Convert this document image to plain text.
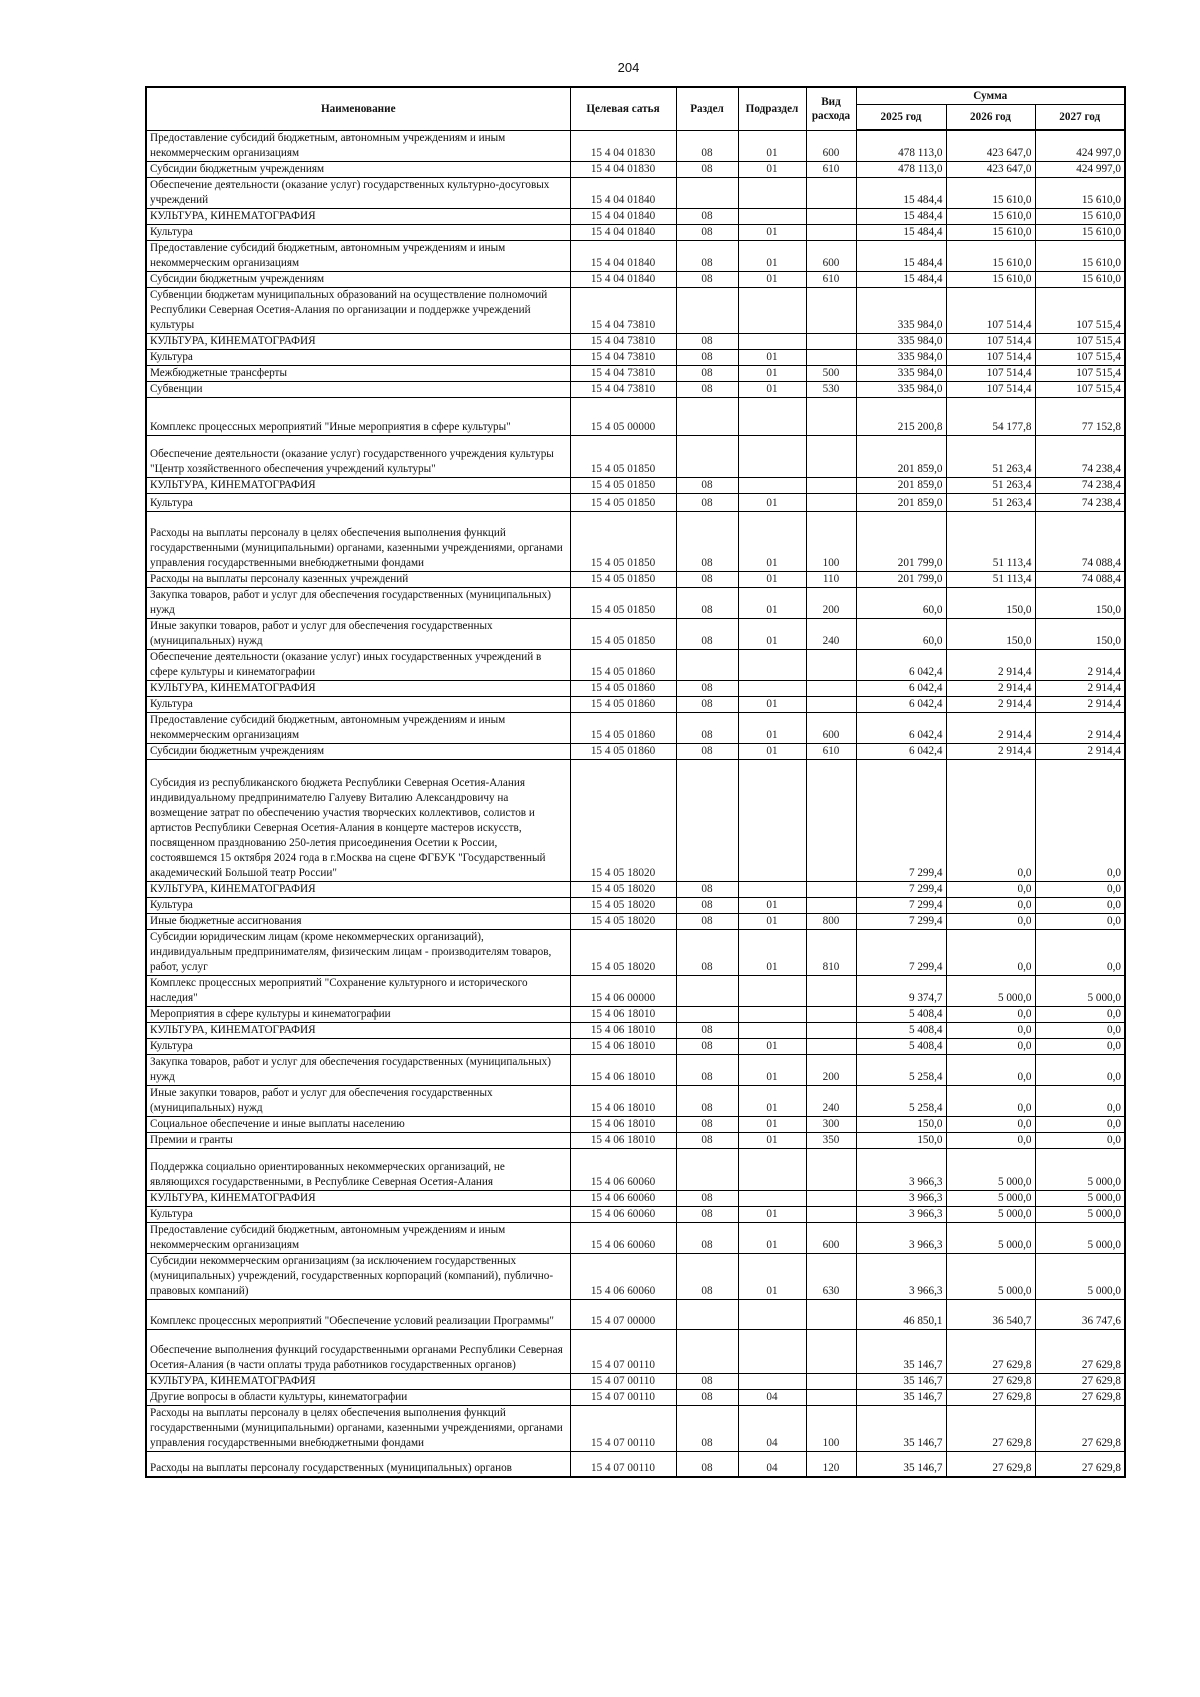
204
Наименование	Целевая сатья	Раздел	Подраздел	Вид расхода	Сумма		
					2025 год	2026 год	2027 год
Предоставление субсидий бюджетным, автономным учреждениям и иным некоммерческим организациям	15 4 04 01830	08	01	600	478 113,0	423 647,0	424 997,0
Субсидии бюджетным учреждениям	15 4 04 01830	08	01	610	478 113,0	423 647,0	424 997,0
Обеспечение деятельности (оказание услуг) государственных культурно-досуговых учреждений	15 4 04 01840				15 484,4	15 610,0	15 610,0
КУЛЬТУРА, КИНЕМАТОГРАФИЯ	15 4 04 01840	08			15 484,4	15 610,0	15 610,0
Культура	15 4 04 01840	08	01		15 484,4	15 610,0	15 610,0
Предоставление субсидий бюджетным, автономным учреждениям и иным некоммерческим организациям	15 4 04 01840	08	01	600	15 484,4	15 610,0	15 610,0
Субсидии бюджетным учреждениям	15 4 04 01840	08	01	610	15 484,4	15 610,0	15 610,0
Субвенции бюджетам муниципальных образований на осуществление полномочий Республики Северная Осетия-Алания по организации и поддержке учреждений культуры	15 4 04 73810				335 984,0	107 514,4	107 515,4
КУЛЬТУРА, КИНЕМАТОГРАФИЯ	15 4 04 73810	08			335 984,0	107 514,4	107 515,4
Культура	15 4 04 73810	08	01		335 984,0	107 514,4	107 515,4
Межбюджетные трансферты	15 4 04 73810	08	01	500	335 984,0	107 514,4	107 515,4
Субвенции	15 4 04 73810	08	01	530	335 984,0	107 514,4	107 515,4
Комплекс процессных мероприятий "Иные мероприятия в сфере культуры"	15 4 05 00000				215 200,8	54 177,8	77 152,8
Обеспечение деятельности (оказание услуг) государственного учреждения культуры "Центр хозяйственного обеспечения учреждений культуры"	15 4 05 01850				201 859,0	51 263,4	74 238,4
КУЛЬТУРА, КИНЕМАТОГРАФИЯ	15 4 05 01850	08			201 859,0	51 263,4	74 238,4
Культура	15 4 05 01850	08	01		201 859,0	51 263,4	74 238,4
Расходы на выплаты персоналу в целях обеспечения выполнения функций государственными (муниципальными) органами, казенными учреждениями, органами управления государственными внебюджетными фондами	15 4 05 01850	08	01	100	201 799,0	51 113,4	74 088,4
Расходы на выплаты персоналу казенных учреждений	15 4 05 01850	08	01	110	201 799,0	51 113,4	74 088,4
Закупка товаров, работ и услуг для обеспечения государственных (муниципальных) нужд	15 4 05 01850	08	01	200	60,0	150,0	150,0
Иные закупки товаров, работ и услуг для обеспечения государственных (муниципальных) нужд	15 4 05 01850	08	01	240	60,0	150,0	150,0
Обеспечение деятельности (оказание услуг) иных государственных учреждений в сфере культуры и кинематографии	15 4 05 01860				6 042,4	2 914,4	2 914,4
КУЛЬТУРА, КИНЕМАТОГРАФИЯ	15 4 05 01860	08			6 042,4	2 914,4	2 914,4
Культура	15 4 05 01860	08	01		6 042,4	2 914,4	2 914,4
Предоставление субсидий бюджетным, автономным учреждениям и иным некоммерческим организациям	15 4 05 01860	08	01	600	6 042,4	2 914,4	2 914,4
Субсидии бюджетным учреждениям	15 4 05 01860	08	01	610	6 042,4	2 914,4	2 914,4
Субсидия из республиканского бюджета Республики Северная Осетия-Алания индивидуальному предпринимателю Галуеву Виталию Александровичу на возмещение затрат по обеспечению участия творческих коллективов, солистов и артистов Республики Северная Осетия-Алания в концерте мастеров искусств, посвященном празднованию 250-летия присоединения Осетии к России, состоявшемся 15 октября 2024 года в г.Москва на сцене ФГБУК "Государственный академический Большой театр России"	15 4 05 18020				7 299,4	0,0	0,0
КУЛЬТУРА, КИНЕМАТОГРАФИЯ	15 4 05 18020	08			7 299,4	0,0	0,0
Культура	15 4 05 18020	08	01		7 299,4	0,0	0,0
Иные бюджетные ассигнования	15 4 05 18020	08	01	800	7 299,4	0,0	0,0
Субсидии юридическим лицам (кроме некоммерческих организаций), индивидуальным предпринимателям, физическим лицам - производителям товаров, работ, услуг	15 4 05 18020	08	01	810	7 299,4	0,0	0,0
Комплекс процессных мероприятий "Сохранение культурного и исторического наследия"	15 4 06 00000				9 374,7	5 000,0	5 000,0
Мероприятия в сфере культуры и кинематографии	15 4 06 18010				5 408,4	0,0	0,0
КУЛЬТУРА, КИНЕМАТОГРАФИЯ	15 4 06 18010	08			5 408,4	0,0	0,0
Культура	15 4 06 18010	08	01		5 408,4	0,0	0,0
Закупка товаров, работ и услуг для обеспечения государственных (муниципальных) нужд	15 4 06 18010	08	01	200	5 258,4	0,0	0,0
Иные закупки товаров, работ и услуг для обеспечения государственных (муниципальных) нужд	15 4 06 18010	08	01	240	5 258,4	0,0	0,0
Социальное обеспечение и иные выплаты населению	15 4 06 18010	08	01	300	150,0	0,0	0,0
Премии и гранты	15 4 06 18010	08	01	350	150,0	0,0	0,0
Поддержка социально ориентированных некоммерческих организаций, не являющихся государственными, в Республике Северная Осетия-Алания	15 4 06 60060				3 966,3	5 000,0	5 000,0
КУЛЬТУРА, КИНЕМАТОГРАФИЯ	15 4 06 60060	08			3 966,3	5 000,0	5 000,0
Культура	15 4 06 60060	08	01		3 966,3	5 000,0	5 000,0
Предоставление субсидий бюджетным, автономным учреждениям и иным некоммерческим организациям	15 4 06 60060	08	01	600	3 966,3	5 000,0	5 000,0
Субсидии некоммерческим организациям (за исключением государственных (муниципальных) учреждений, государственных корпораций (компаний), публично-правовых компаний)	15 4 06 60060	08	01	630	3 966,3	5 000,0	5 000,0
Комплекс процессных мероприятий "Обеспечение условий реализации Программы"	15 4 07 00000				46 850,1	36 540,7	36 747,6
Обеспечение выполнения функций государственными органами Республики Северная Осетия-Алания (в части оплаты труда работников государственных органов)	15 4 07 00110				35 146,7	27 629,8	27 629,8
КУЛЬТУРА, КИНЕМАТОГРАФИЯ	15 4 07 00110	08			35 146,7	27 629,8	27 629,8
Другие вопросы в области культуры, кинематографии	15 4 07 00110	08	04		35 146,7	27 629,8	27 629,8
Расходы на выплаты персоналу в целях обеспечения выполнения функций государственными (муниципальными) органами, казенными учреждениями, органами управления государственными внебюджетными фондами	15 4 07 00110	08	04	100	35 146,7	27 629,8	27 629,8
Расходы на выплаты персоналу государственных (муниципальных) органов	15 4 07 00110	08	04	120	35 146,7	27 629,8	27 629,8
